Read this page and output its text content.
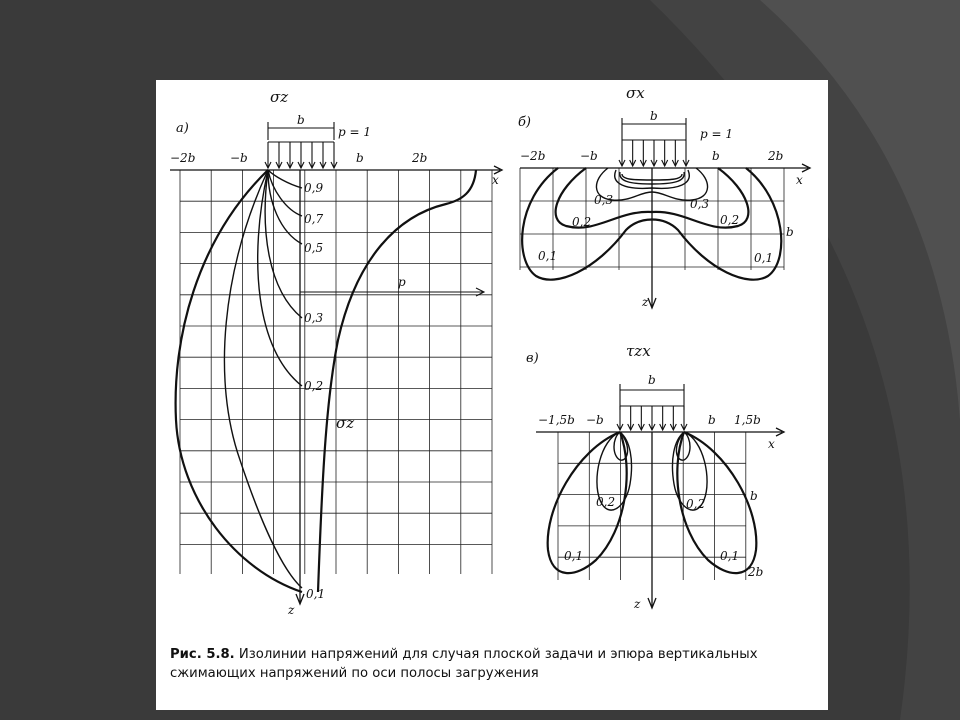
а)
σz
b
p = 1
x
z
−2b	−b	b	2b
p
σz
0,9
0,7
0,5
0,3
0,2
0,1
б)
σx
b
p = 1
x
z
−2b	−b	b	2b
0,3	0,3
0,2	0,2
0,1	0,1
b
в)	τzx
b
x
z
−1,5b −b	b 1,5b
0,2	0,2
0,1	0,1
b
2b
Рис. 5.8. Изолинии напряжений для случая плоской задачи и эпюра вертикальных сжимающих напряжений по оси полосы загружения
